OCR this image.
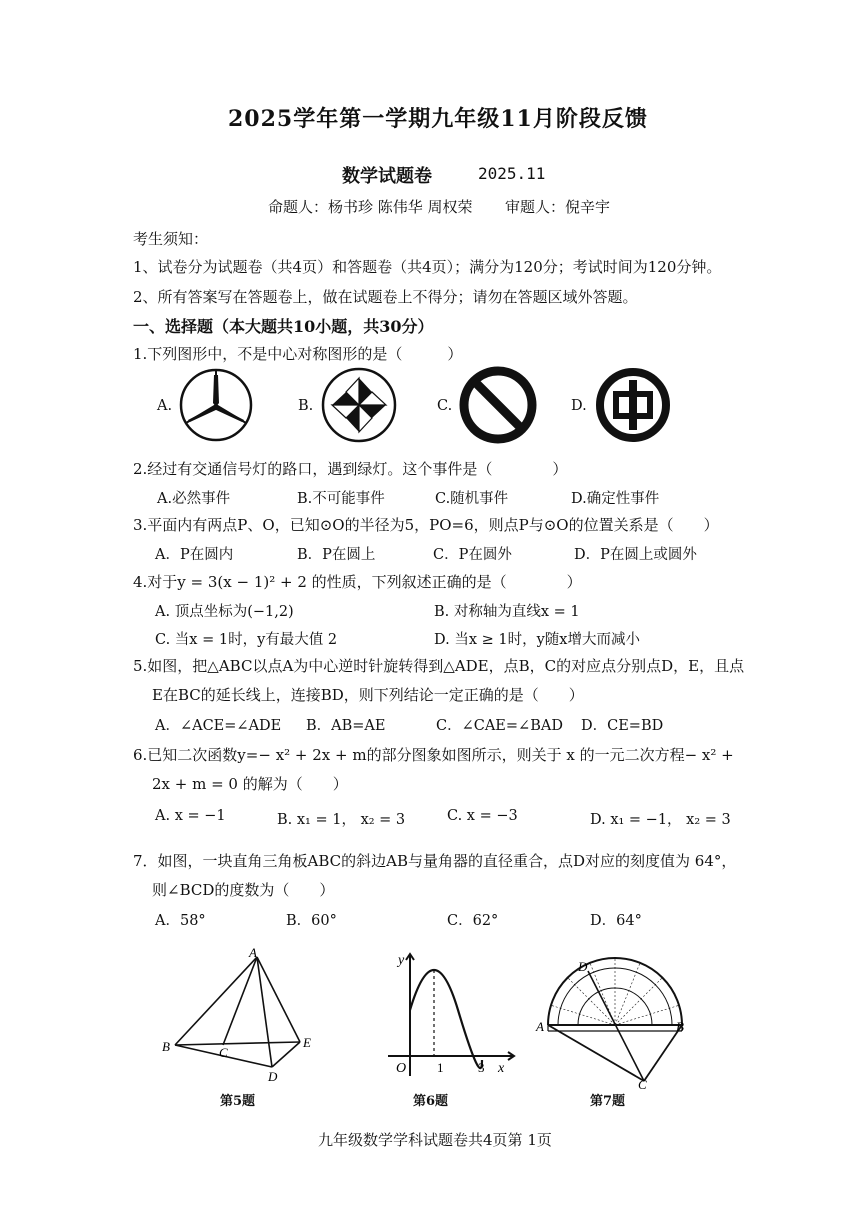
2025学年第一学期九年级11月阶段反馈
数学试题卷	2025.11
命题人：杨书珍 陈伟华 周权荣 审题人：倪辛宇
考生须知：
1、试卷分为试题卷（共4页）和答题卷（共4页）；满分为120分；考试时间为120分钟。
2、所有答案写在答题卷上，做在试题卷上不得分；请勿在答题区域外答题。
一、选择题（本大题共10小题，共30分）
1.下列图形中，不是中心对称图形的是（　　　）
A.	B.	C.	D.
2.经过有交通信号灯的路口，遇到绿灯。这个事件是（　　　　）
A.必然事件	B.不可能事件	C.随机事件	D.确定性事件
3.平面内有两点P、O，已知⊙O的半径为5，PO=6，则点P与⊙O的位置关系是（　　）
A．P在圆内	B．P在圆上	C．P在圆外	D．P在圆上或圆外
4.对于y = 3(x − 1)² + 2 的性质，下列叙述正确的是（　　　　）
A. 顶点坐标为(−1,2)	B. 对称轴为直线x = 1
C. 当x = 1时，y有最大值 2	D. 当x ≥ 1时，y随x增大而减小
5.如图，把△ABC以点A为中心逆时针旋转得到△ADE，点B，C的对应点分别点D，E，且点
E在BC的延长线上，连接BD，则下列结论一定正确的是（　　）
A．∠ACE=∠ADE B．AB=AE	C．∠CAE=∠BAD D．CE=BD
6.已知二次函数y=− x² + 2x + m的部分图象如图所示，则关于 x 的一元二次方程− x² +
2x + m = 0 的解为（　　）
A. x = −1	B. x₁ = 1， x₂ = 3	C. x = −3	D. x₁ = −1， x₂ = 3
7．如图，一块直角三角板ABC的斜边AB与量角器的直径重合，点D对应的刻度值为 64°，
则∠BCD的度数为（　　）
A．58°	B．60°	C．62°	D．64°
A
B	C
D
E
第5题
y
x
O 1	3
第6题
A	B
C
D
第7题
九年级数学学科试题卷共4页第 1页
